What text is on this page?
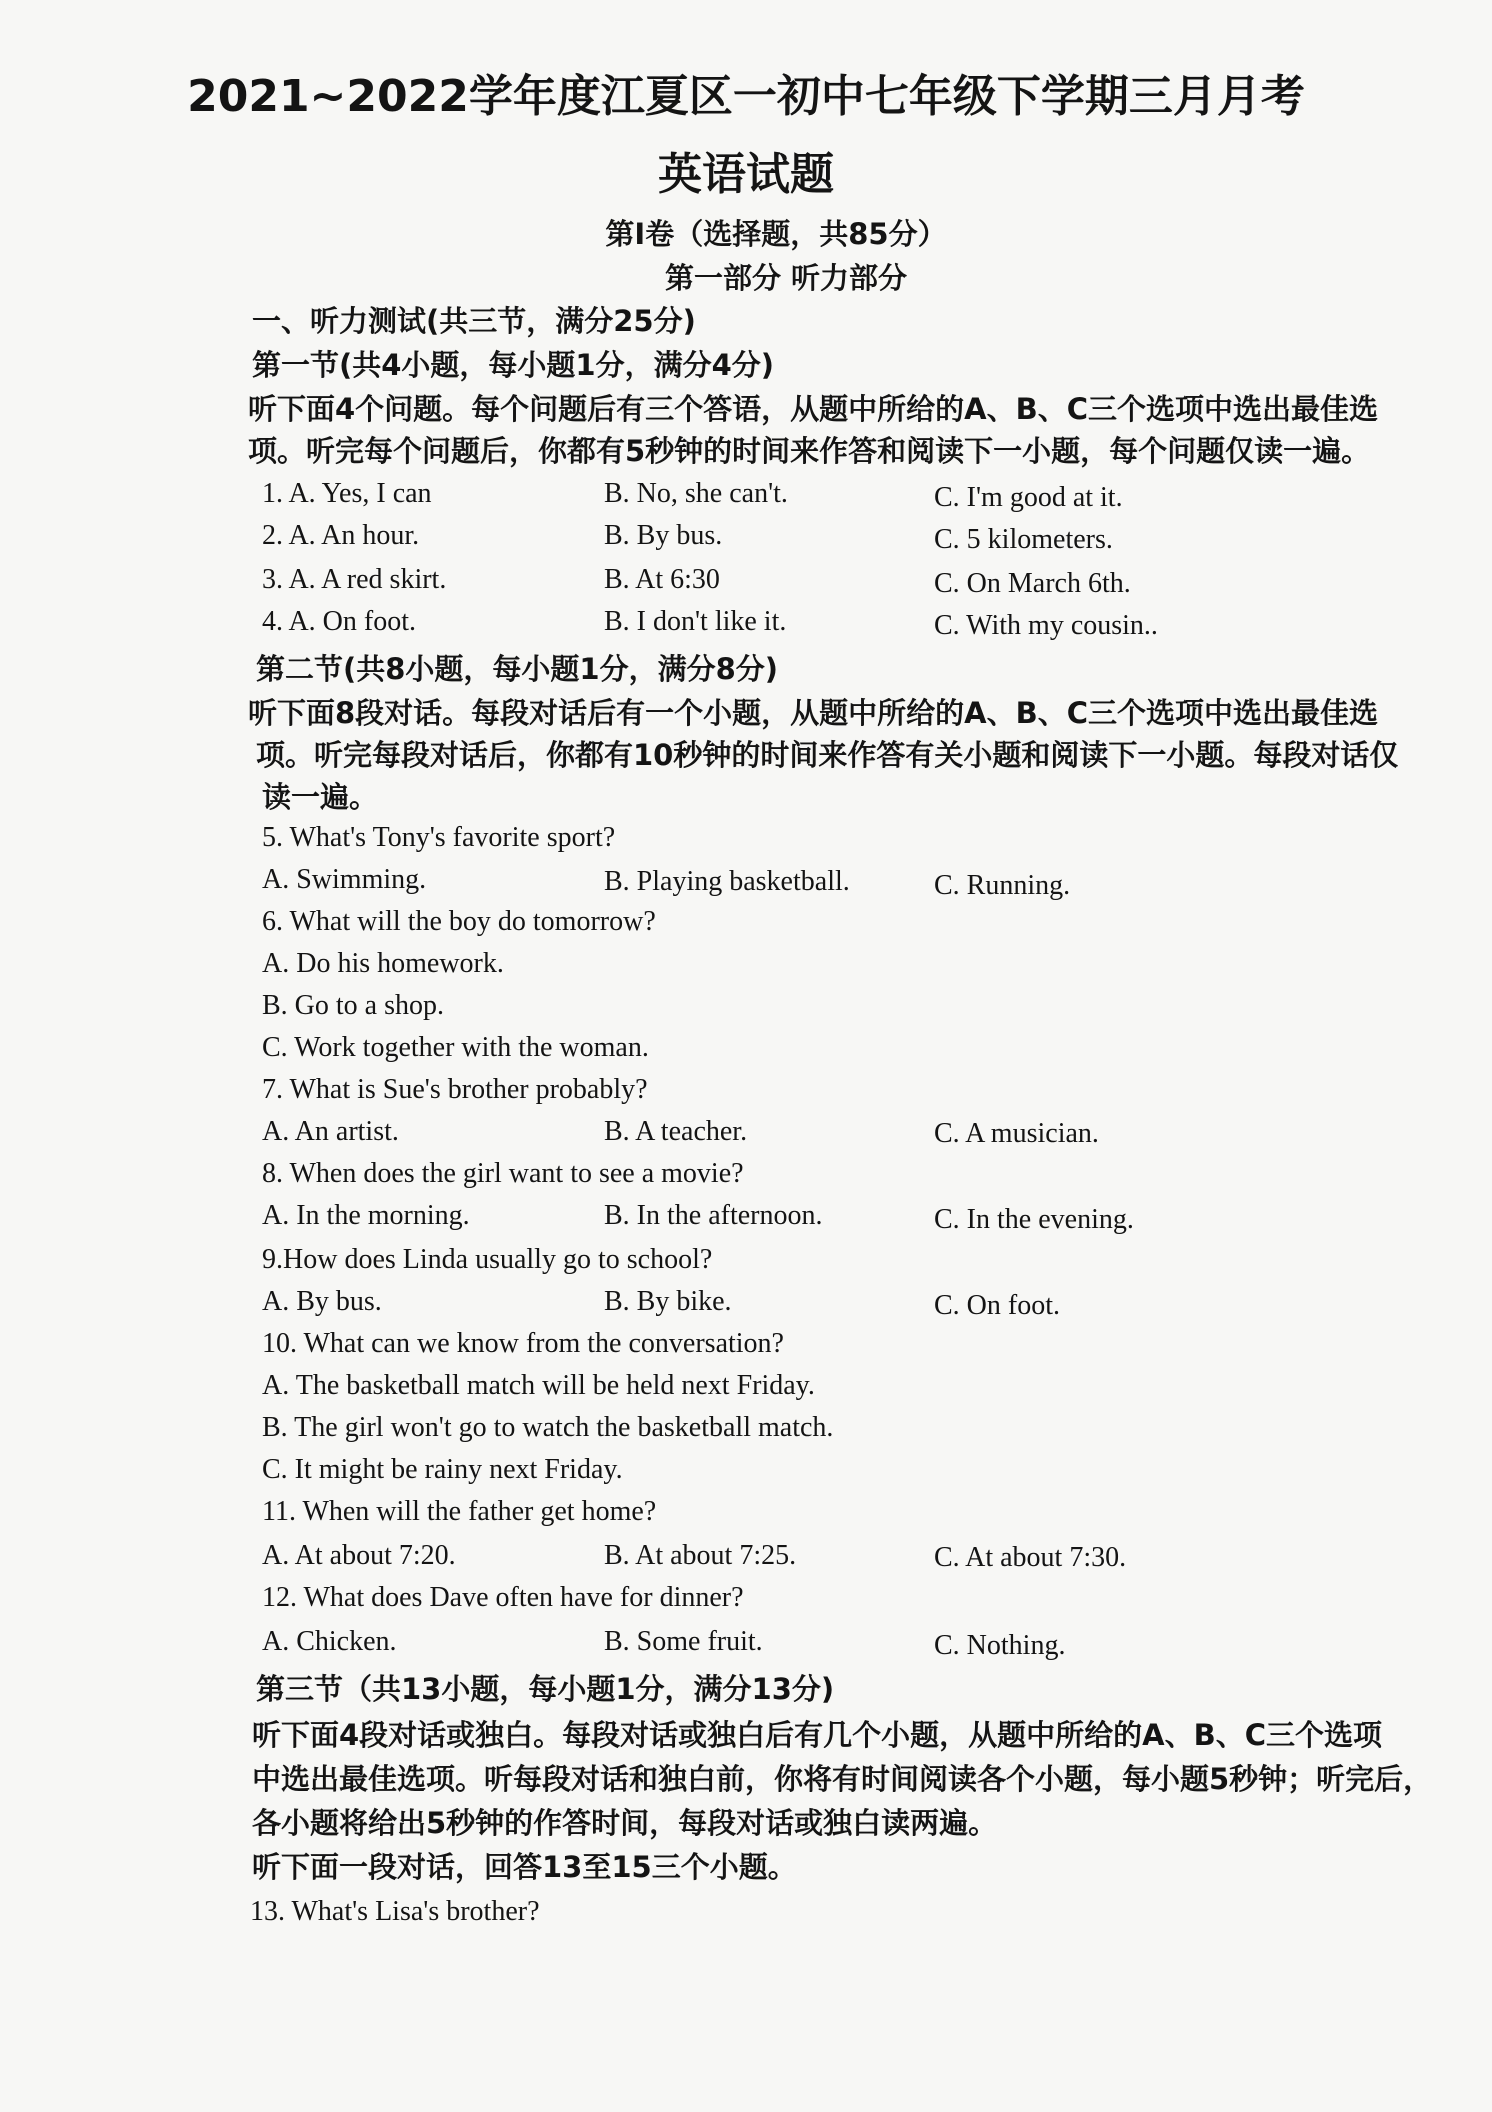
2021~2022学年度江夏区一初中七年级下学期三月月考
英语试题
第Ⅰ卷（选择题，共85分）
第一部分 听力部分
一、听力测试(共三节，满分25分)
第一节(共4小题，每小题1分，满分4分)
听下面4个问题。每个问题后有三个答语，从题中所给的A、B、C三个选项中选出最佳选
项。听完每个问题后，你都有5秒钟的时间来作答和阅读下一小题，每个问题仅读一遍。
1. A. Yes, I can	B. No, she can't.	C. I'm good at it.
2. A. An hour.	B. By bus.	C. 5 kilometers.
3. A. A red skirt.	B. At 6:30	C. On March 6th.
4. A. On foot.	B. I don't like it.	C. With my cousin..
第二节(共8小题，每小题1分，满分8分)
听下面8段对话。每段对话后有一个小题，从题中所给的A、B、C三个选项中选出最佳选
项。听完每段对话后，你都有10秒钟的时间来作答有关小题和阅读下一小题。每段对话仅
读一遍。
5. What's Tony's favorite sport?
A. Swimming.	B. Playing basketball.	C. Running.
6. What will the boy do tomorrow?
A. Do his homework.
B. Go to a shop.
C. Work together with the woman.
7. What is Sue's brother probably?
A. An artist.	B. A teacher.	C. A musician.
8. When does the girl want to see a movie?
A. In the morning.	B. In the afternoon.	C. In the evening.
9.How does Linda usually go to school?
A. By bus.	B. By bike.	C. On foot.
10. What can we know from the conversation?
A. The basketball match will be held next Friday.
B. The girl won't go to watch the basketball match.
C. It might be rainy next Friday.
11. When will the father get home?
A. At about 7:20.	B. At about 7:25.	C. At about 7:30.
12. What does Dave often have for dinner?
A. Chicken.	B. Some fruit.	C. Nothing.
第三节（共13小题，每小题1分，满分13分)
听下面4段对话或独白。每段对话或独白后有几个小题，从题中所给的A、B、C三个选项
中选出最佳选项。听每段对话和独白前，你将有时间阅读各个小题，每小题5秒钟；听完后，
各小题将给出5秒钟的作答时间，每段对话或独白读两遍。
听下面一段对话，回答13至15三个小题。
13. What's Lisa's brother?
